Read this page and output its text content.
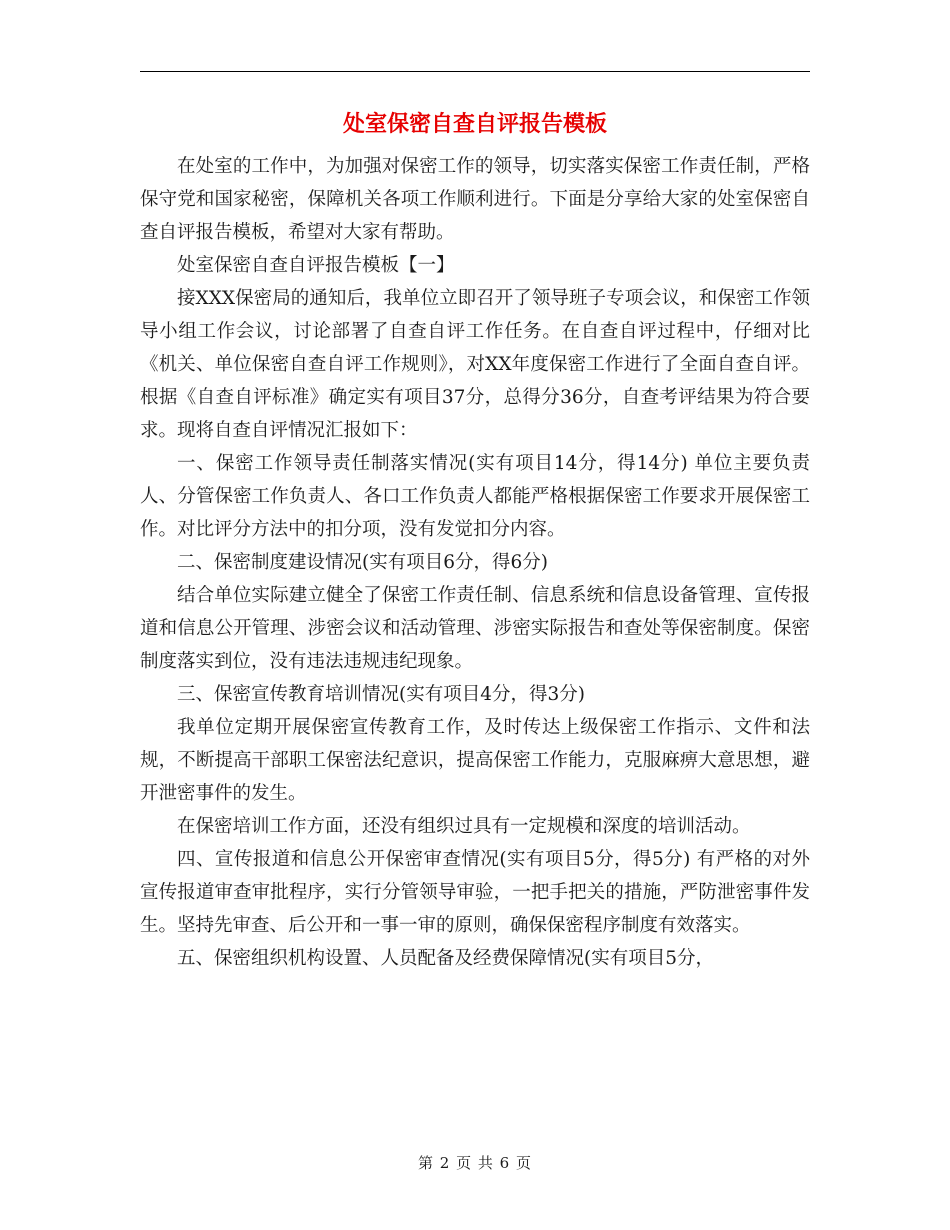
处室保密自查自评报告模板

在处室的工作中，为加强对保密工作的领导，切实落实保密工作责任制，严格保守党和国家秘密，保障机关各项工作顺利进行。下面是分享给大家的处室保密自查自评报告模板，希望对大家有帮助。

处室保密自查自评报告模板【一】

接XXX保密局的通知后，我单位立即召开了领导班子专项会议，和保密工作领导小组工作会议，讨论部署了自查自评工作任务。在自查自评过程中，仔细对比《机关、单位保密自查自评工作规则》，对XX年度保密工作进行了全面自查自评。根据《自查自评标准》确定实有项目37分，总得分36分，自查考评结果为符合要求。现将自查自评情况汇报如下：

一、保密工作领导责任制落实情况(实有项目14分，得14分) 单位主要负责人、分管保密工作负责人、各口工作负责人都能严格根据保密工作要求开展保密工作。对比评分方法中的扣分项，没有发觉扣分内容。

二、保密制度建设情况(实有项目6分，得6分)

结合单位实际建立健全了保密工作责任制、信息系统和信息设备管理、宣传报道和信息公开管理、涉密会议和活动管理、涉密实际报告和查处等保密制度。保密制度落实到位，没有违法违规违纪现象。

三、保密宣传教育培训情况(实有项目4分，得3分)

我单位定期开展保密宣传教育工作，及时传达上级保密工作指示、文件和法规，不断提高干部职工保密法纪意识，提高保密工作能力，克服麻痹大意思想，避开泄密事件的发生。

在保密培训工作方面，还没有组织过具有一定规模和深度的培训活动。

四、宣传报道和信息公开保密审查情况(实有项目5分，得5分) 有严格的对外宣传报道审查审批程序，实行分管领导审验，一把手把关的措施，严防泄密事件发生。坚持先审查、后公开和一事一审的原则，确保保密程序制度有效落实。

五、保密组织机构设置、人员配备及经费保障情况(实有项目5分，

第 2 页 共 6 页
